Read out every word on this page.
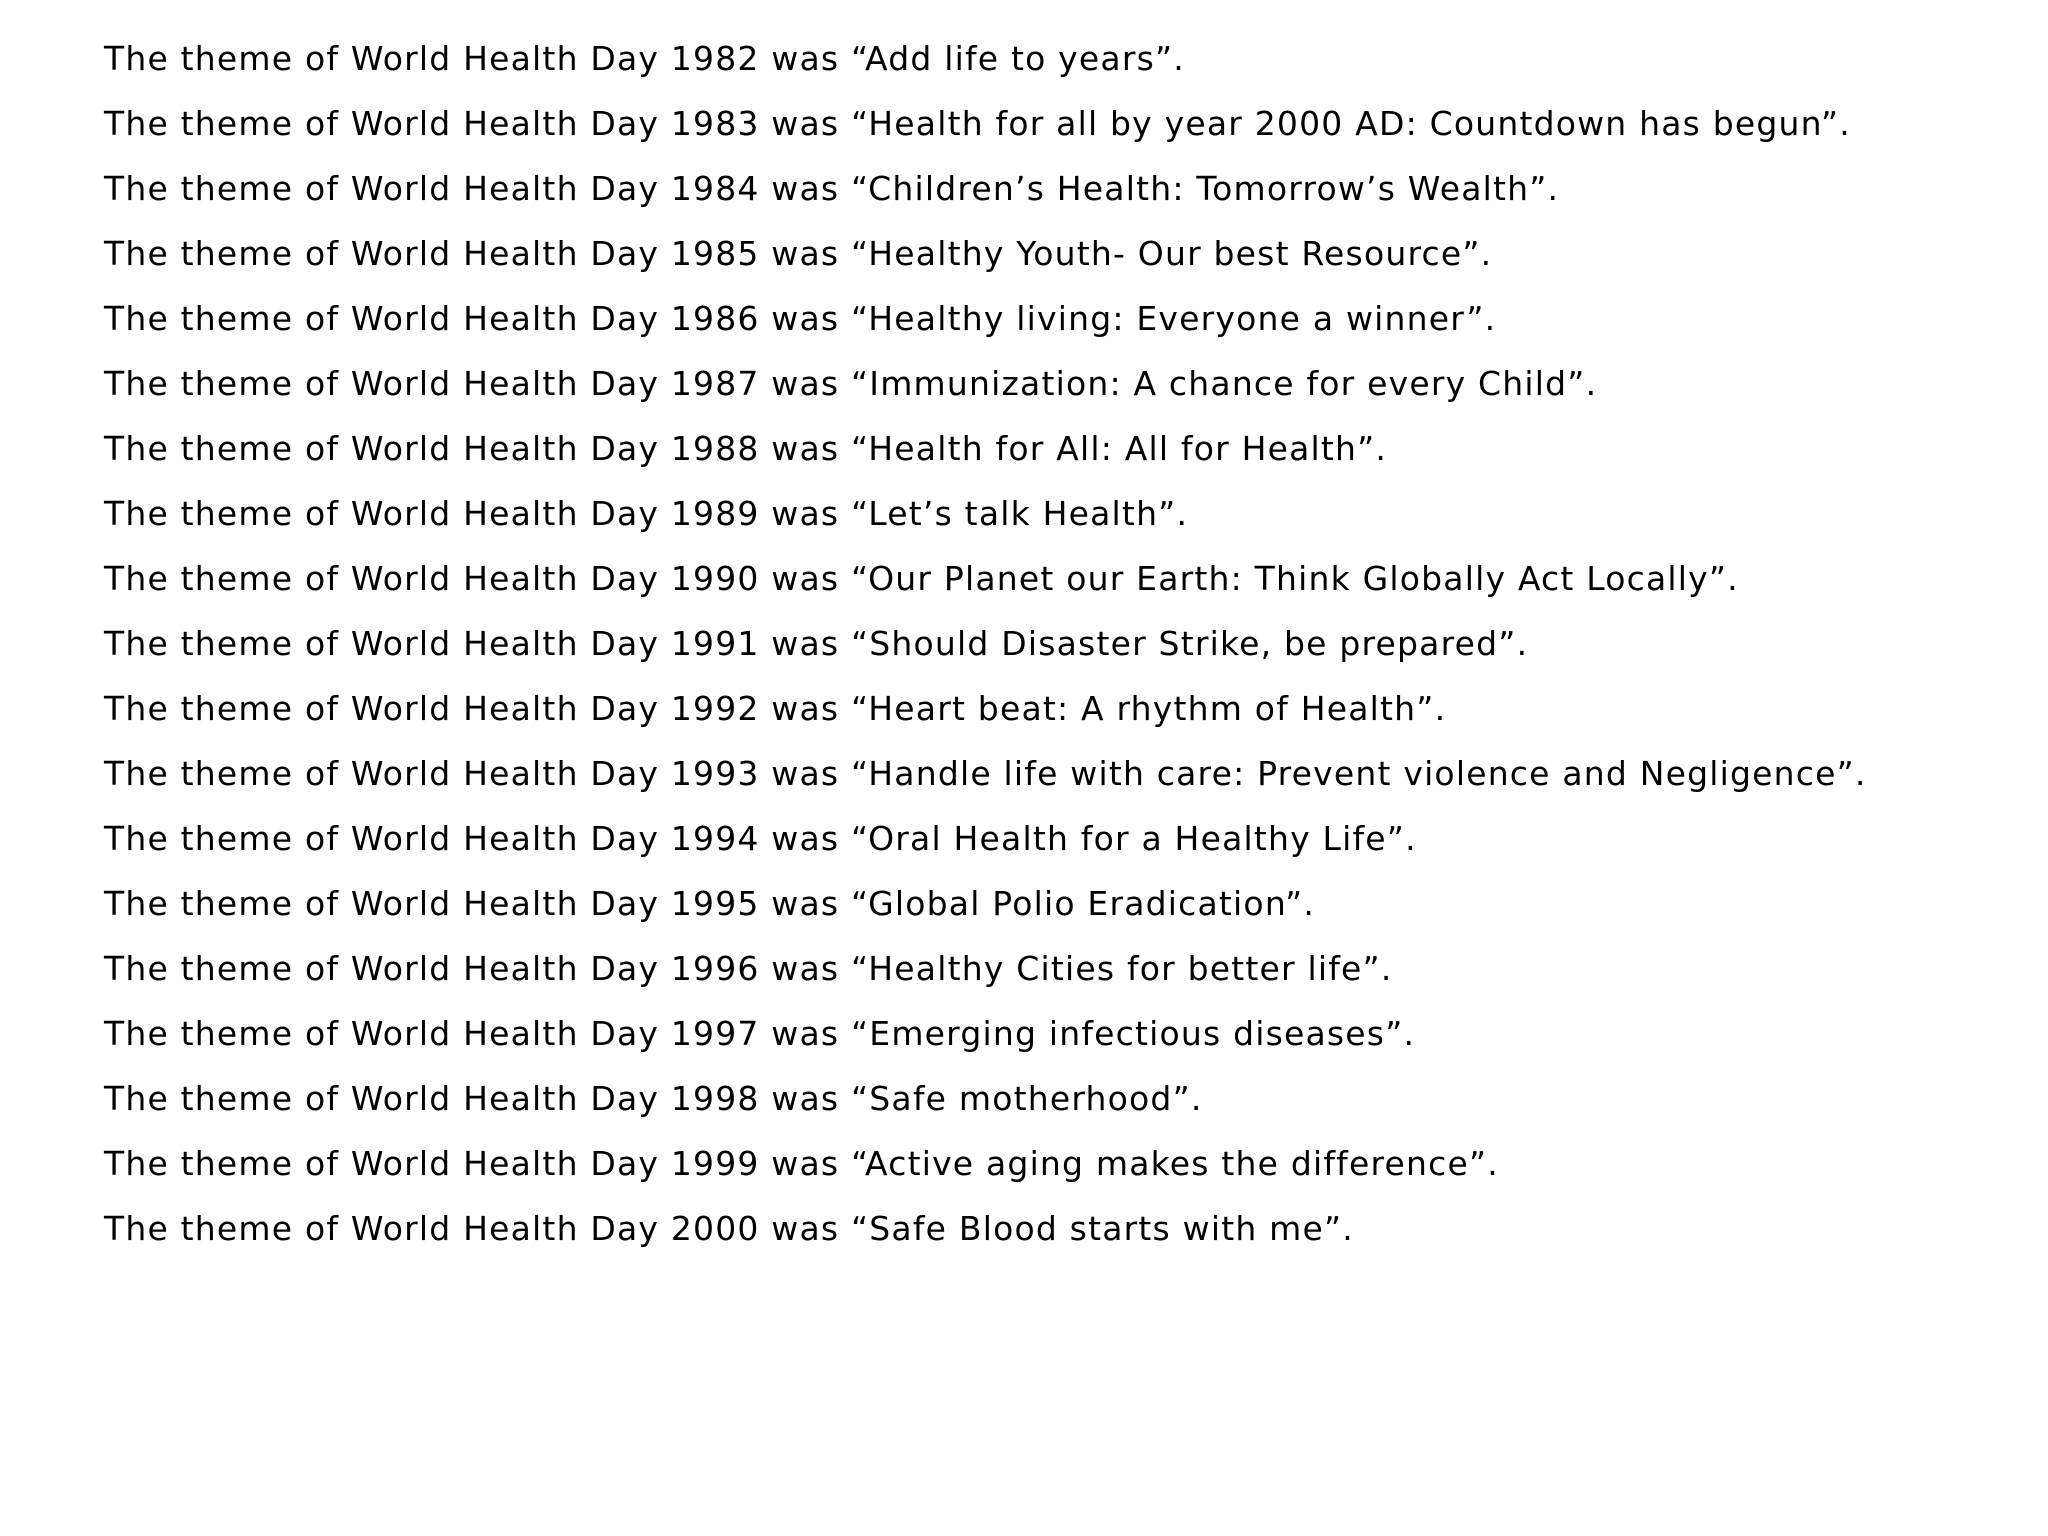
The theme of World Health Day 1982 was “Add life to years”.

The theme of World Health Day 1983 was “Health for all by year 2000 AD: Countdown has begun”.

The theme of World Health Day 1984 was “Children’s Health: Tomorrow’s Wealth”.

The theme of World Health Day 1985 was “Healthy Youth- Our best Resource”.

The theme of World Health Day 1986 was “Healthy living: Everyone a winner”.

The theme of World Health Day 1987 was “Immunization: A chance for every Child”.

The theme of World Health Day 1988 was “Health for All: All for Health”.

The theme of World Health Day 1989 was “Let’s talk Health”.

The theme of World Health Day 1990 was “Our Planet our Earth: Think Globally Act Locally”.

The theme of World Health Day 1991 was “Should Disaster Strike, be prepared”.

The theme of World Health Day 1992 was “Heart beat: A rhythm of Health”.

The theme of World Health Day 1993 was “Handle life with care: Prevent violence and Negligence”.

The theme of World Health Day 1994 was “Oral Health for a Healthy Life”.

The theme of World Health Day 1995 was “Global Polio Eradication”.

The theme of World Health Day 1996 was “Healthy Cities for better life”.

The theme of World Health Day 1997 was “Emerging infectious diseases”.

The theme of World Health Day 1998 was “Safe motherhood”.

The theme of World Health Day 1999 was “Active aging makes the difference”.

The theme of World Health Day 2000 was “Safe Blood starts with me”.
